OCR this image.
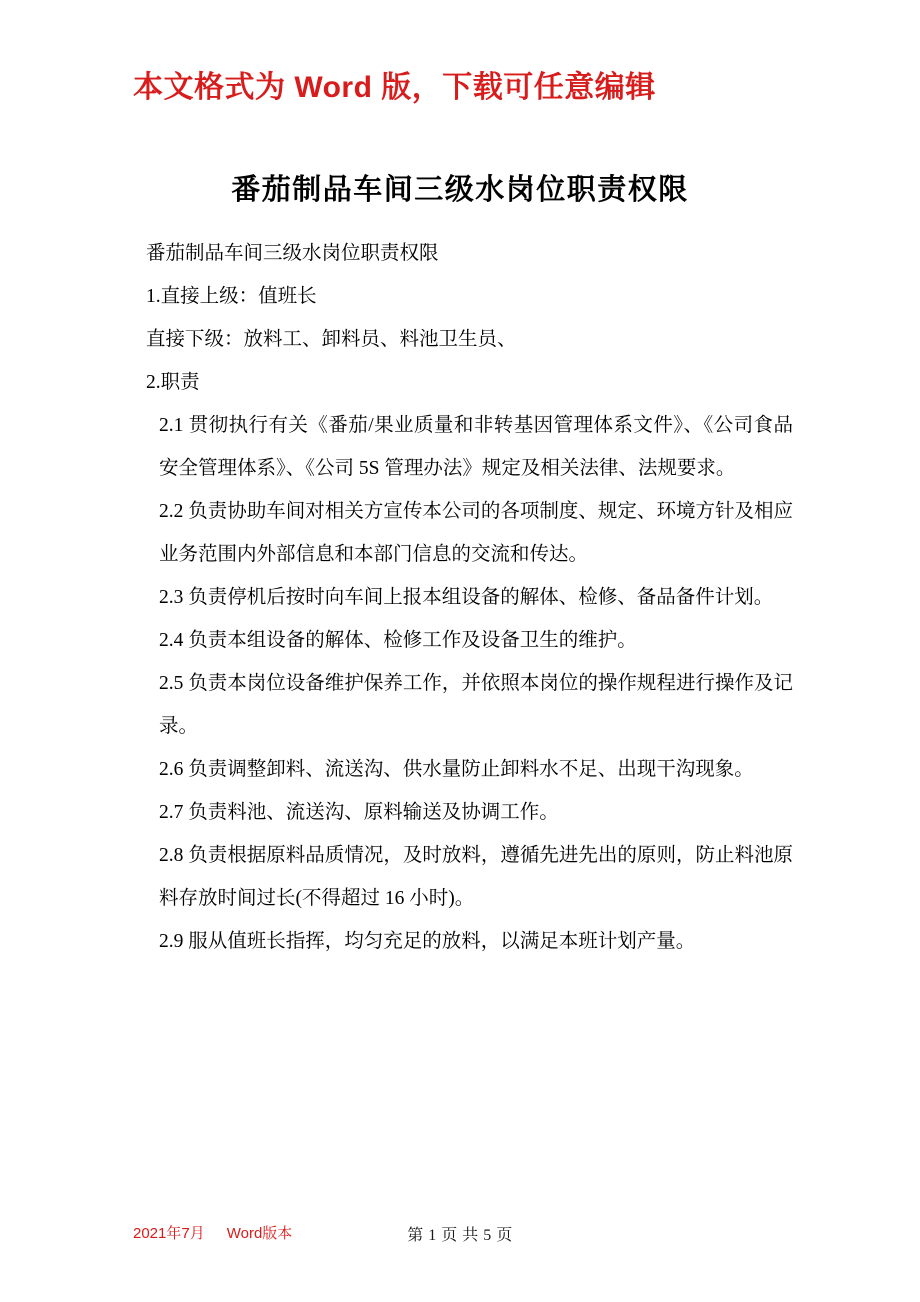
本文格式为 Word 版，下载可任意编辑
番茄制品车间三级水岗位职责权限

番茄制品车间三级水岗位职责权限

1.直接上级：值班长

直接下级：放料工、卸料员、料池卫生员、

2.职责

2.1 贯彻执行有关《番茄/果业质量和非转基因管理体系文件》、《公司食品安全管理体系》、《公司 5S 管理办法》规定及相关法律、法规要求。

2.2 负责协助车间对相关方宣传本公司的各项制度、规定、环境方针及相应业务范围内外部信息和本部门信息的交流和传达。

2.3 负责停机后按时向车间上报本组设备的解体、检修、备品备件计划。

2.4 负责本组设备的解体、检修工作及设备卫生的维护。

2.5 负责本岗位设备维护保养工作，并依照本岗位的操作规程进行操作及记录。

2.6 负责调整卸料、流送沟、供水量防止卸料水不足、出现干沟现象。

2.7 负责料池、流送沟、原料输送及协调工作。

2.8 负责根据原料品质情况，及时放料，遵循先进先出的原则，防止料池原料存放时间过长(不得超过 16 小时)。

2.9 服从值班长指挥，均匀充足的放料，以满足本班计划产量。

2021年7月 Word版本	第 1 页 共 5 页
